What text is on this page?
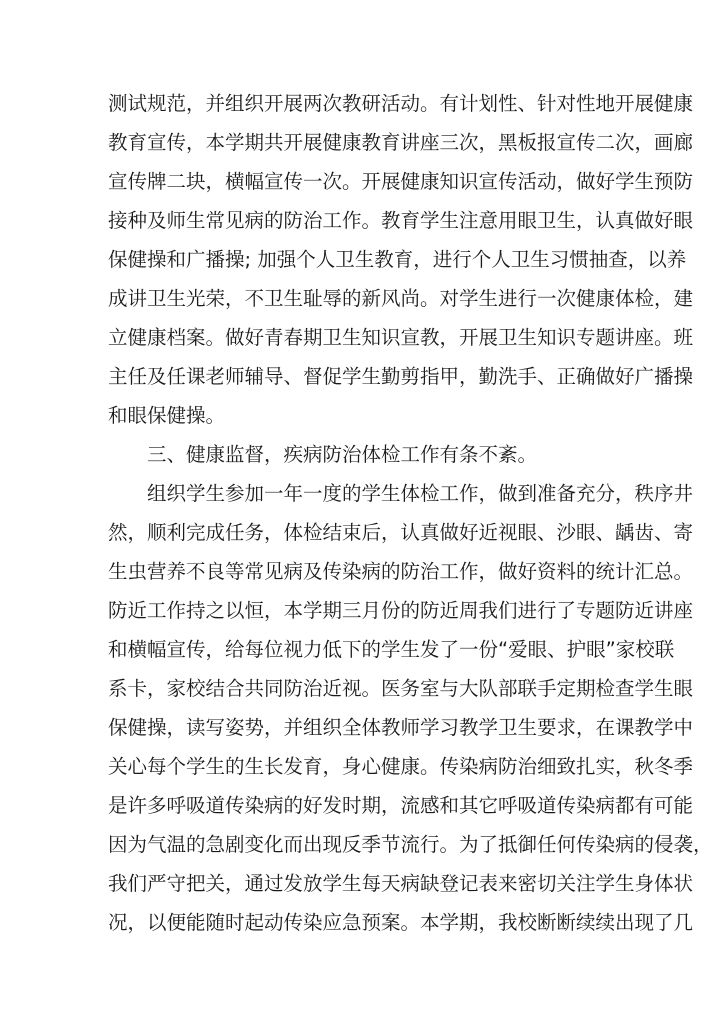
测试规范，并组织开展两次教研活动。有计划性、针对性地开展健康
教育宣传，本学期共开展健康教育讲座三次，黑板报宣传二次，画廊
宣传牌二块，横幅宣传一次。开展健康知识宣传活动，做好学生预防
接种及师生常见病的防治工作。教育学生注意用眼卫生，认真做好眼
保健操和广播操; 加强个人卫生教育，进行个人卫生习惯抽查，以养
成讲卫生光荣，不卫生耻辱的新风尚。对学生进行一次健康体检，建
立健康档案。做好青春期卫生知识宣教，开展卫生知识专题讲座。班
主任及任课老师辅导、督促学生勤剪指甲，勤洗手、正确做好广播操
和眼保健操。
三、健康监督，疾病防治体检工作有条不紊。
组织学生参加一年一度的学生体检工作，做到准备充分，秩序井
然，顺利完成任务，体检结束后，认真做好近视眼、沙眼、龋齿、寄
生虫营养不良等常见病及传染病的防治工作，做好资料的统计汇总。
防近工作持之以恒，本学期三月份的防近周我们进行了专题防近讲座
和横幅宣传，给每位视力低下的学生发了一份“爱眼、护眼”家校联
系卡，家校结合共同防治近视。医务室与大队部联手定期检查学生眼
保健操，读写姿势，并组织全体教师学习教学卫生要求，在课教学中
关心每个学生的生长发育，身心健康。传染病防治细致扎实，秋冬季
是许多呼吸道传染病的好发时期，流感和其它呼吸道传染病都有可能
因为气温的急剧变化而出现反季节流行。为了抵御任何传染病的侵袭，
我们严守把关，通过发放学生每天病缺登记表来密切关注学生身体状
况，以便能随时起动传染应急预案。本学期，我校断断续续出现了几
